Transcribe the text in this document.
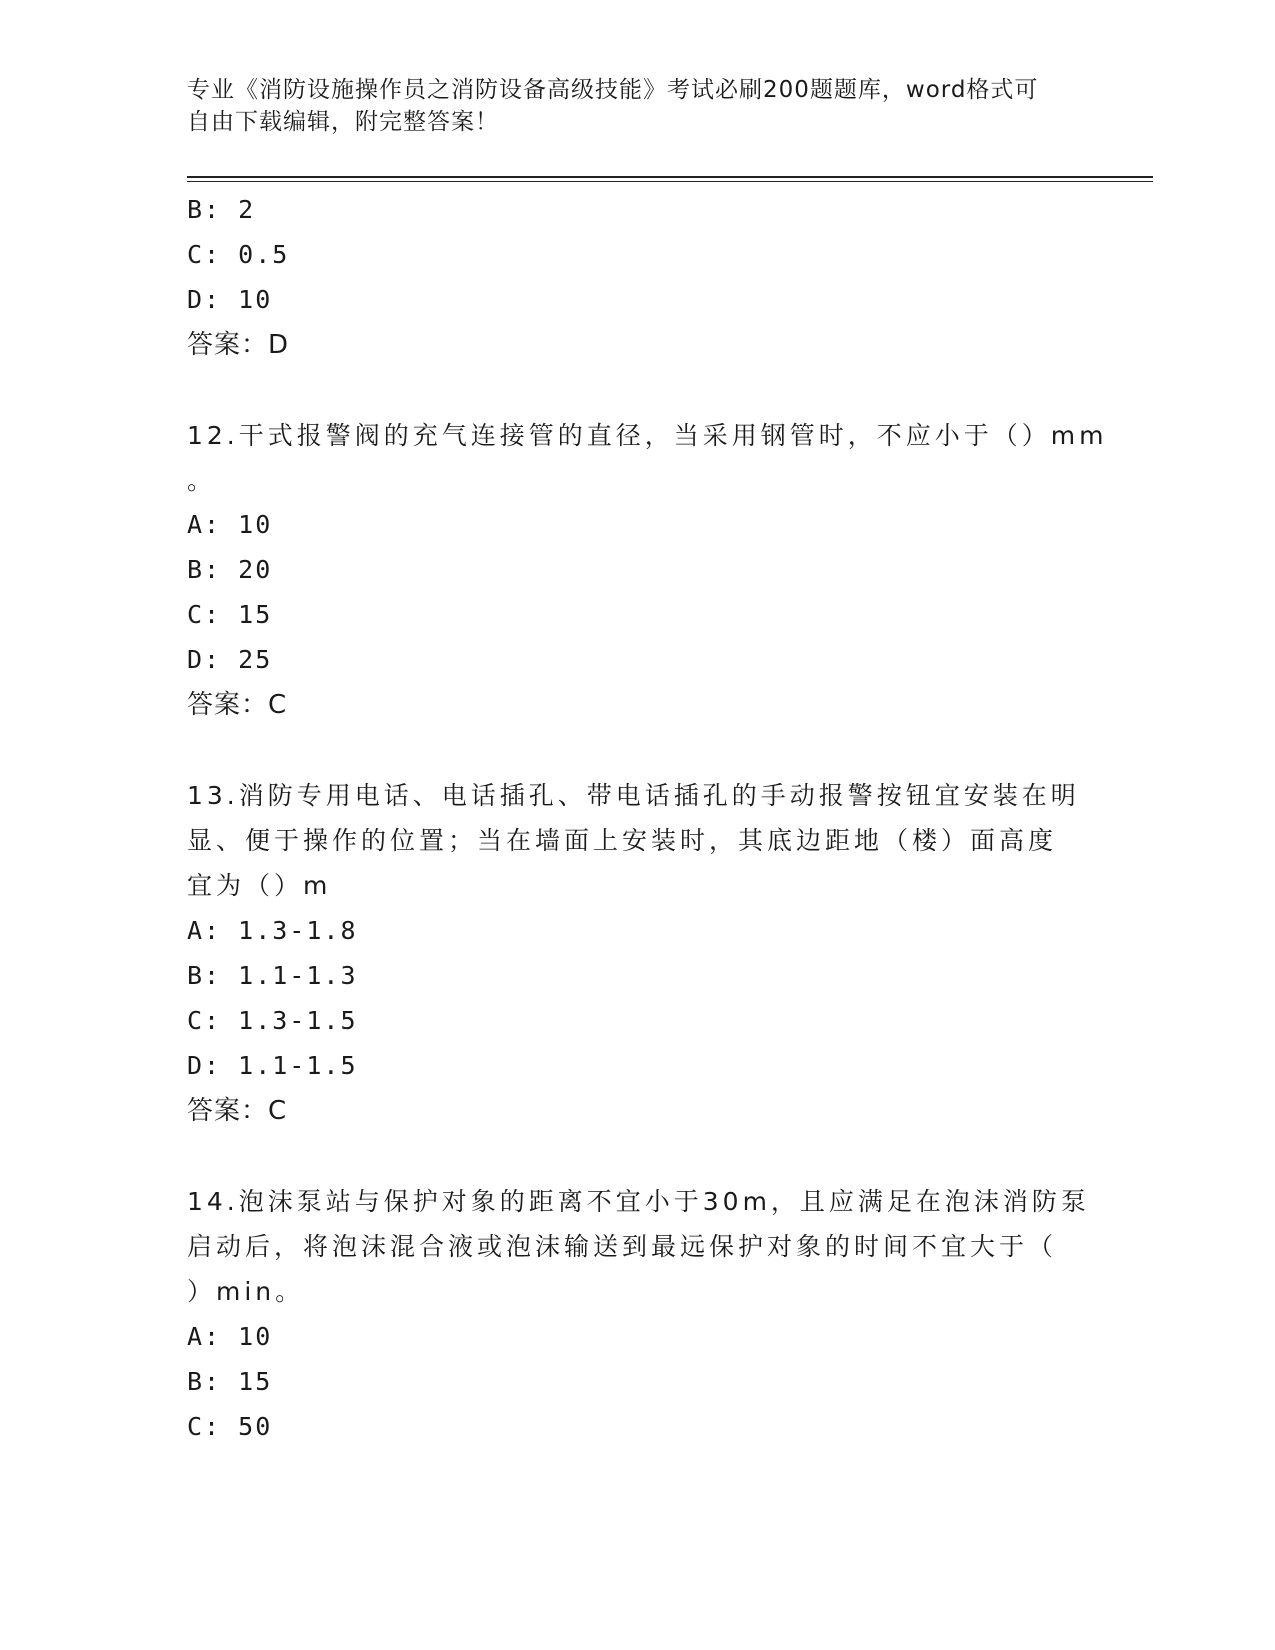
专业《消防设施操作员之消防设备高级技能》考试必刷200题题库，word格式可
自由下载编辑，附完整答案！
B: 2
C: 0.5
D: 10
答案：D
12.干式报警阀的充气连接管的直径，当采用钢管时，不应小于（）mm
。
A: 10
B: 20
C: 15
D: 25
答案：C
13.消防专用电话、电话插孔、带电话插孔的手动报警按钮宜安装在明
显、便于操作的位置；当在墙面上安装时，其底边距地（楼）面高度
宜为（）m
A: 1.3-1.8
B: 1.1-1.3
C: 1.3-1.5
D: 1.1-1.5
答案：C
14.泡沫泵站与保护对象的距离不宜小于30m，且应满足在泡沫消防泵
启动后，将泡沫混合液或泡沫输送到最远保护对象的时间不宜大于（
）min。
A: 10
B: 15
C: 50
